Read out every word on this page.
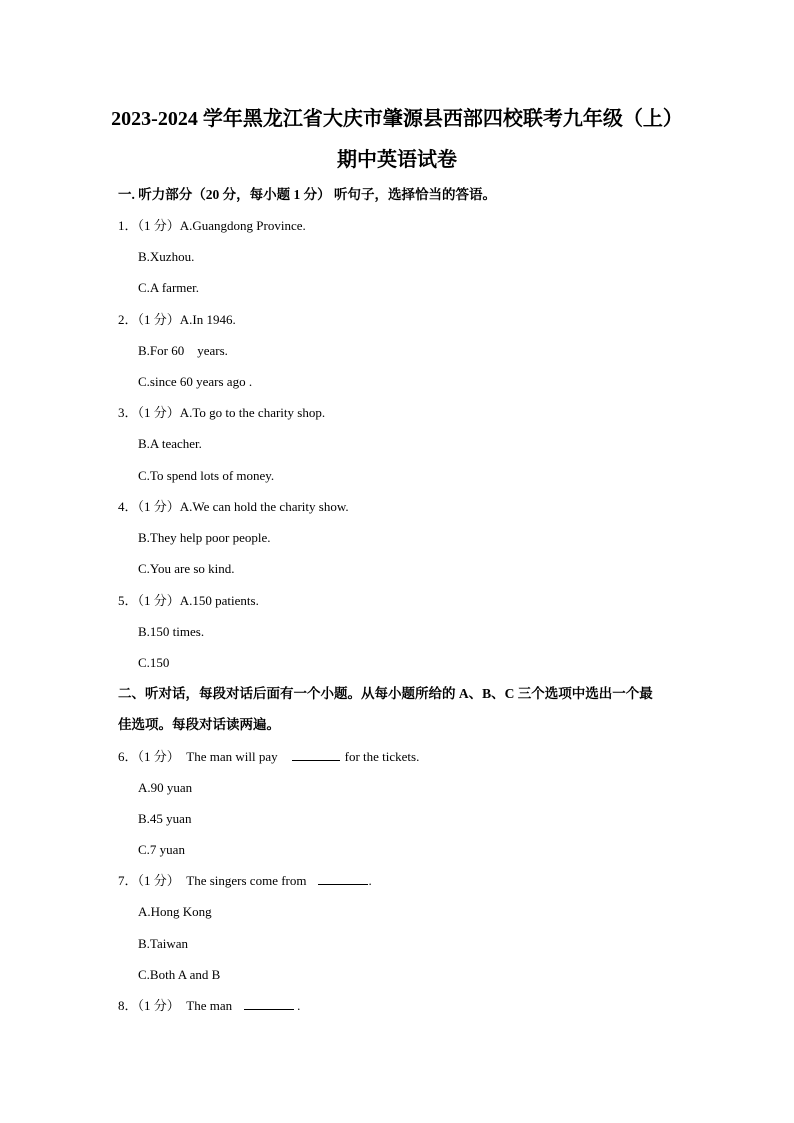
2023-2024 学年黑龙江省大庆市肇源县西部四校联考九年级（上）
期中英语试卷
一. 听力部分（20 分，每小题 1 分） 听句子，选择恰当的答语。
1．（1 分）A.Guangdong Province.
B.Xuzhou.
C.A farmer.
2．（1 分）A.In 1946.
B.For 60    years.
C.since 60 years ago .
3．（1 分）A.To go to the charity shop.
B.A teacher.
C.To spend lots of money.
4．（1 分）A.We can hold the charity show.
B.They help poor people.
C.You are so kind.
5．（1 分）A.150 patients.
B.150 times.
C.150
二、听对话，每段对话后面有一个小题。从每小题所给的 A、B、C 三个选项中选出一个最
佳选项。每段对话读两遍。
6．（1 分）  The man will pay	for the tickets.
A.90 yuan
B.45 yuan
C.7 yuan
7．（1 分）  The singers come from	.
A.Hong Kong
B.Taiwan
C.Both A and B
8．（1 分）  The man	.
